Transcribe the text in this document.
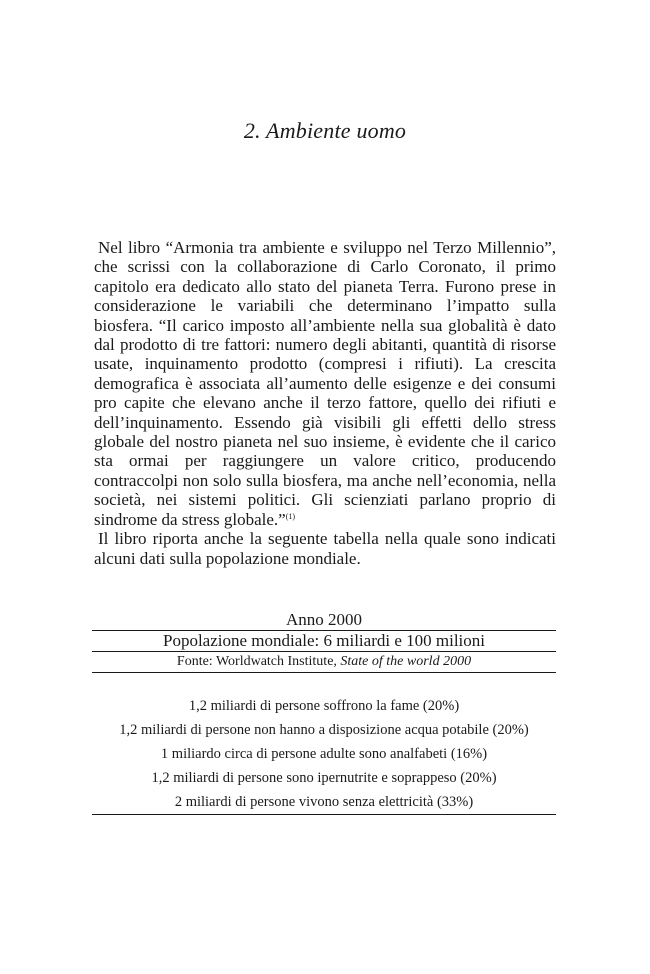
2. Ambiente uomo

Nel libro “Armonia tra ambiente e sviluppo nel Terzo Millennio”, che scrissi con la collaborazione di Carlo Coronato, il primo capitolo era dedicato allo stato del pianeta Terra. Furono prese in considerazione le variabili che determinano l’impatto sulla biosfera. “Il carico imposto all’ambiente nella sua globalità è dato dal prodotto di tre fattori: numero degli abitanti, quantità di risorse usate, inquinamento prodotto (compresi i rifiuti). La crescita demografica è associata all’aumento delle esigenze e dei consumi pro capite che elevano anche il terzo fattore, quello dei rifiuti e dell’inquinamento. Essendo già visibili gli effetti dello stress globale del nostro pianeta nel suo insieme, è evidente che il carico sta ormai per raggiungere un valore critico, producendo contraccolpi non solo sulla biosfera, ma anche nell’economia, nella società, nei sistemi politici. Gli scienziati parlano proprio di sindrome da stress globale.”$^{(1)}$

Il libro riporta anche la seguente tabella nella quale sono indicati alcuni dati sulla popolazione mondiale.

Anno 2000
Popolazione mondiale: 6 miliardi e 100 milioni
Fonte: Worldwatch Institute, State of the world 2000
1,2 miliardi di persone soffrono la fame (20%)
1,2 miliardi di persone non hanno a disposizione acqua potabile (20%)
1 miliardo circa di persone adulte sono analfabeti (16%)
1,2 miliardi di persone sono ipernutrite e soprappeso (20%)
2 miliardi di persone vivono senza elettricità (33%)
